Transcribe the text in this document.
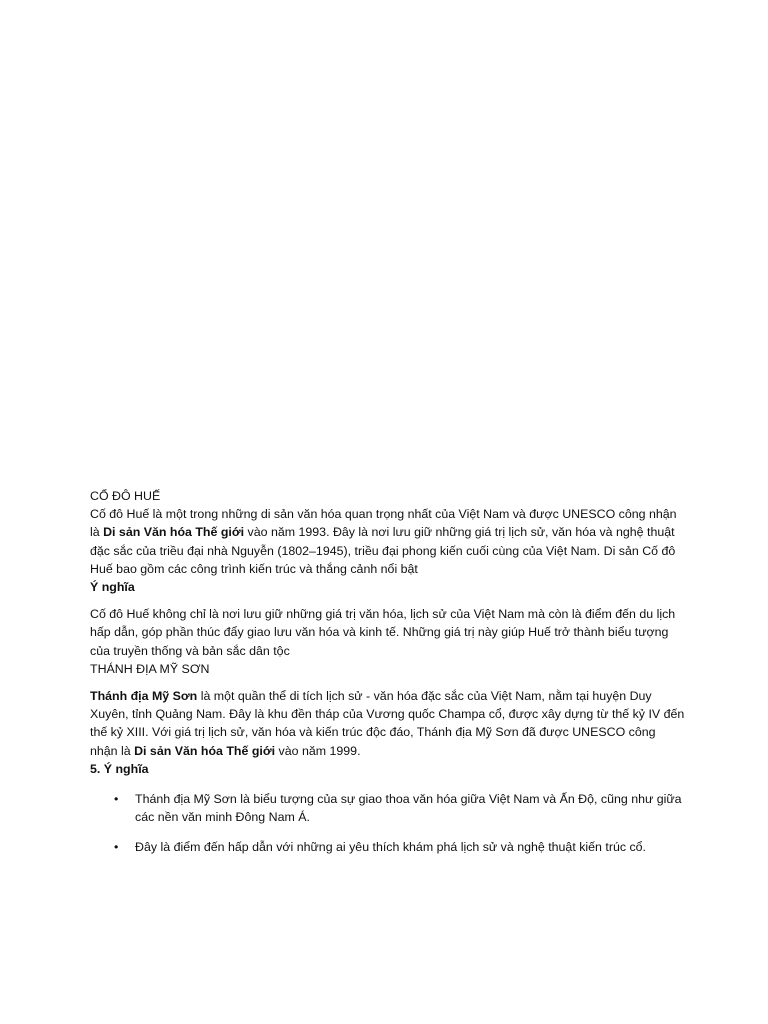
CỔ ĐÔ HUẾ

Cố đô Huế là một trong những di sản văn hóa quan trọng nhất của Việt Nam và được UNESCO công nhận là Di sản Văn hóa Thế giới vào năm 1993. Đây là nơi lưu giữ những giá trị lịch sử, văn hóa và nghệ thuật đặc sắc của triều đại nhà Nguyễn (1802–1945), triều đại phong kiến cuối cùng của Việt Nam. Di sản Cố đô Huế bao gồm các công trình kiến trúc và thắng cảnh nổi bật

Ý nghĩa

Cố đô Huế không chỉ là nơi lưu giữ những giá trị văn hóa, lịch sử của Việt Nam mà còn là điểm đến du lịch hấp dẫn, góp phần thúc đẩy giao lưu văn hóa và kinh tế. Những giá trị này giúp Huế trở thành biểu tượng của truyền thống và bản sắc dân tộc

THÁNH ĐỊA MỸ SƠN

Thánh địa Mỹ Sơn là một quần thể di tích lịch sử - văn hóa đặc sắc của Việt Nam, nằm tại huyện Duy Xuyên, tỉnh Quảng Nam. Đây là khu đền tháp của Vương quốc Champa cổ, được xây dựng từ thế kỷ IV đến thế kỷ XIII. Với giá trị lịch sử, văn hóa và kiến trúc độc đáo, Thánh địa Mỹ Sơn đã được UNESCO công nhận là Di sản Văn hóa Thế giới vào năm 1999.

5. Ý nghĩa

• Thánh địa Mỹ Sơn là biểu tượng của sự giao thoa văn hóa giữa Việt Nam và Ấn Độ, cũng như giữa các nền văn minh Đông Nam Á.
• Đây là điểm đến hấp dẫn với những ai yêu thích khám phá lịch sử và nghệ thuật kiến trúc cổ.
